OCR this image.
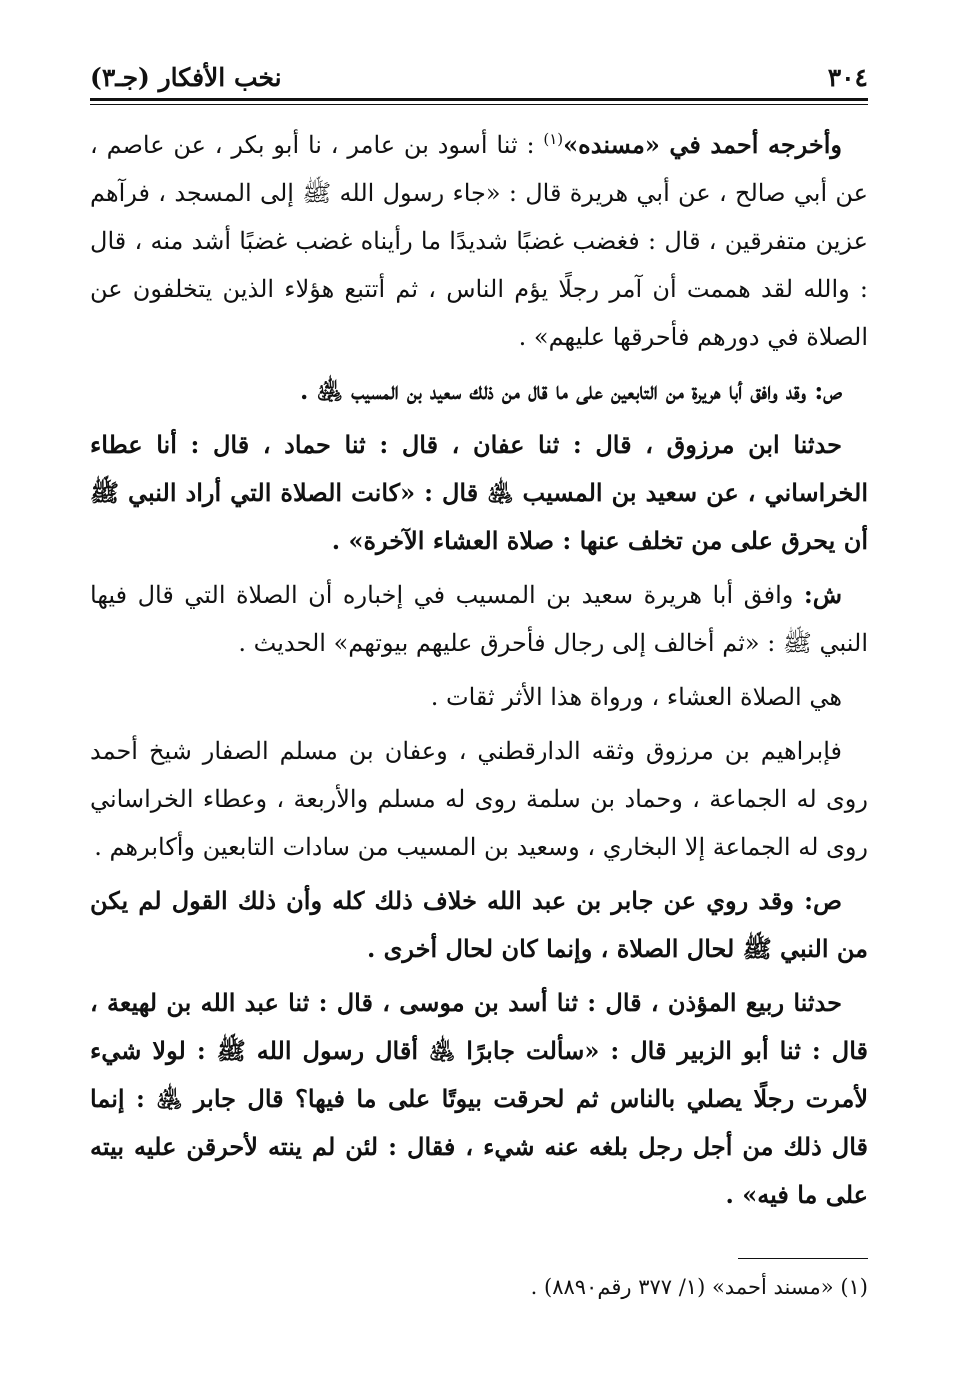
٣٠٤
نخب الأفكار (جـ٣)

وأخرجه أحمد في «مسنده»$^{(١)}$ : ثنا أسود بن عامر ، نا أبو بكر ، عن عاصم ، عن أبي صالح ، عن أبي هريرة قال : «جاء رسول الله ﷺ إلى المسجد ، فرآهم عزين متفرقين ، قال : فغضب غضبًا شديدًا ما رأيناه غضب غضبًا أشد منه ، قال : والله لقد هممت أن آمر رجلًا يؤم الناس ، ثم أتتبع هؤلاء الذين يتخلفون عن الصلاة في دورهم فأحرقها عليهم» .

ص: وقد وافق أبا هريرة من التابعين على ما قال من ذلك سعيد بن المسيب ﵁ .

حدثنا ابن مرزوق ، قال : ثنا عفان ، قال : ثنا حماد ، قال : أنا عطاء الخراساني ، عن سعيد بن المسيب ﵁ قال : «كانت الصلاة التي أراد النبي ﷺ أن يحرق على من تخلف عنها : صلاة العشاء الآخرة» .

ش: وافق أبا هريرة سعيد بن المسيب في إخباره أن الصلاة التي قال فيها النبي ﷺ : «ثم أخالف إلى رجال فأحرق عليهم بيوتهم» الحديث .

هي الصلاة العشاء ، ورواة هذا الأثر ثقات .

فإبراهيم بن مرزوق وثقه الدارقطني ، وعفان بن مسلم الصفار شيخ أحمد روى له الجماعة ، وحماد بن سلمة روى له مسلم والأربعة ، وعطاء الخراساني روى له الجماعة إلا البخاري ، وسعيد بن المسيب من سادات التابعين وأكابرهم .

ص: وقد روي عن جابر بن عبد الله خلاف ذلك كله وأن ذلك القول لم يكن من النبي ﷺ لحال الصلاة ، وإنما كان لحال أخرى .

حدثنا ربيع المؤذن ، قال : ثنا أسد بن موسى ، قال : ثنا عبد الله بن لهيعة ، قال : ثنا أبو الزبير قال : «سألت جابرًا ﵁ أقال رسول الله ﷺ : لولا شيء لأمرت رجلًا يصلي بالناس ثم لحرقت بيوتًا على ما فيها؟ قال جابر ﵁ : إنما قال ذلك من أجل رجل بلغه عنه شيء ، فقال : لئن لم ينته لأحرقن عليه بيته على ما فيه» .

(١) «مسند أحمد» (١/ ٣٧٧ رقم٨٨٩٠) .
